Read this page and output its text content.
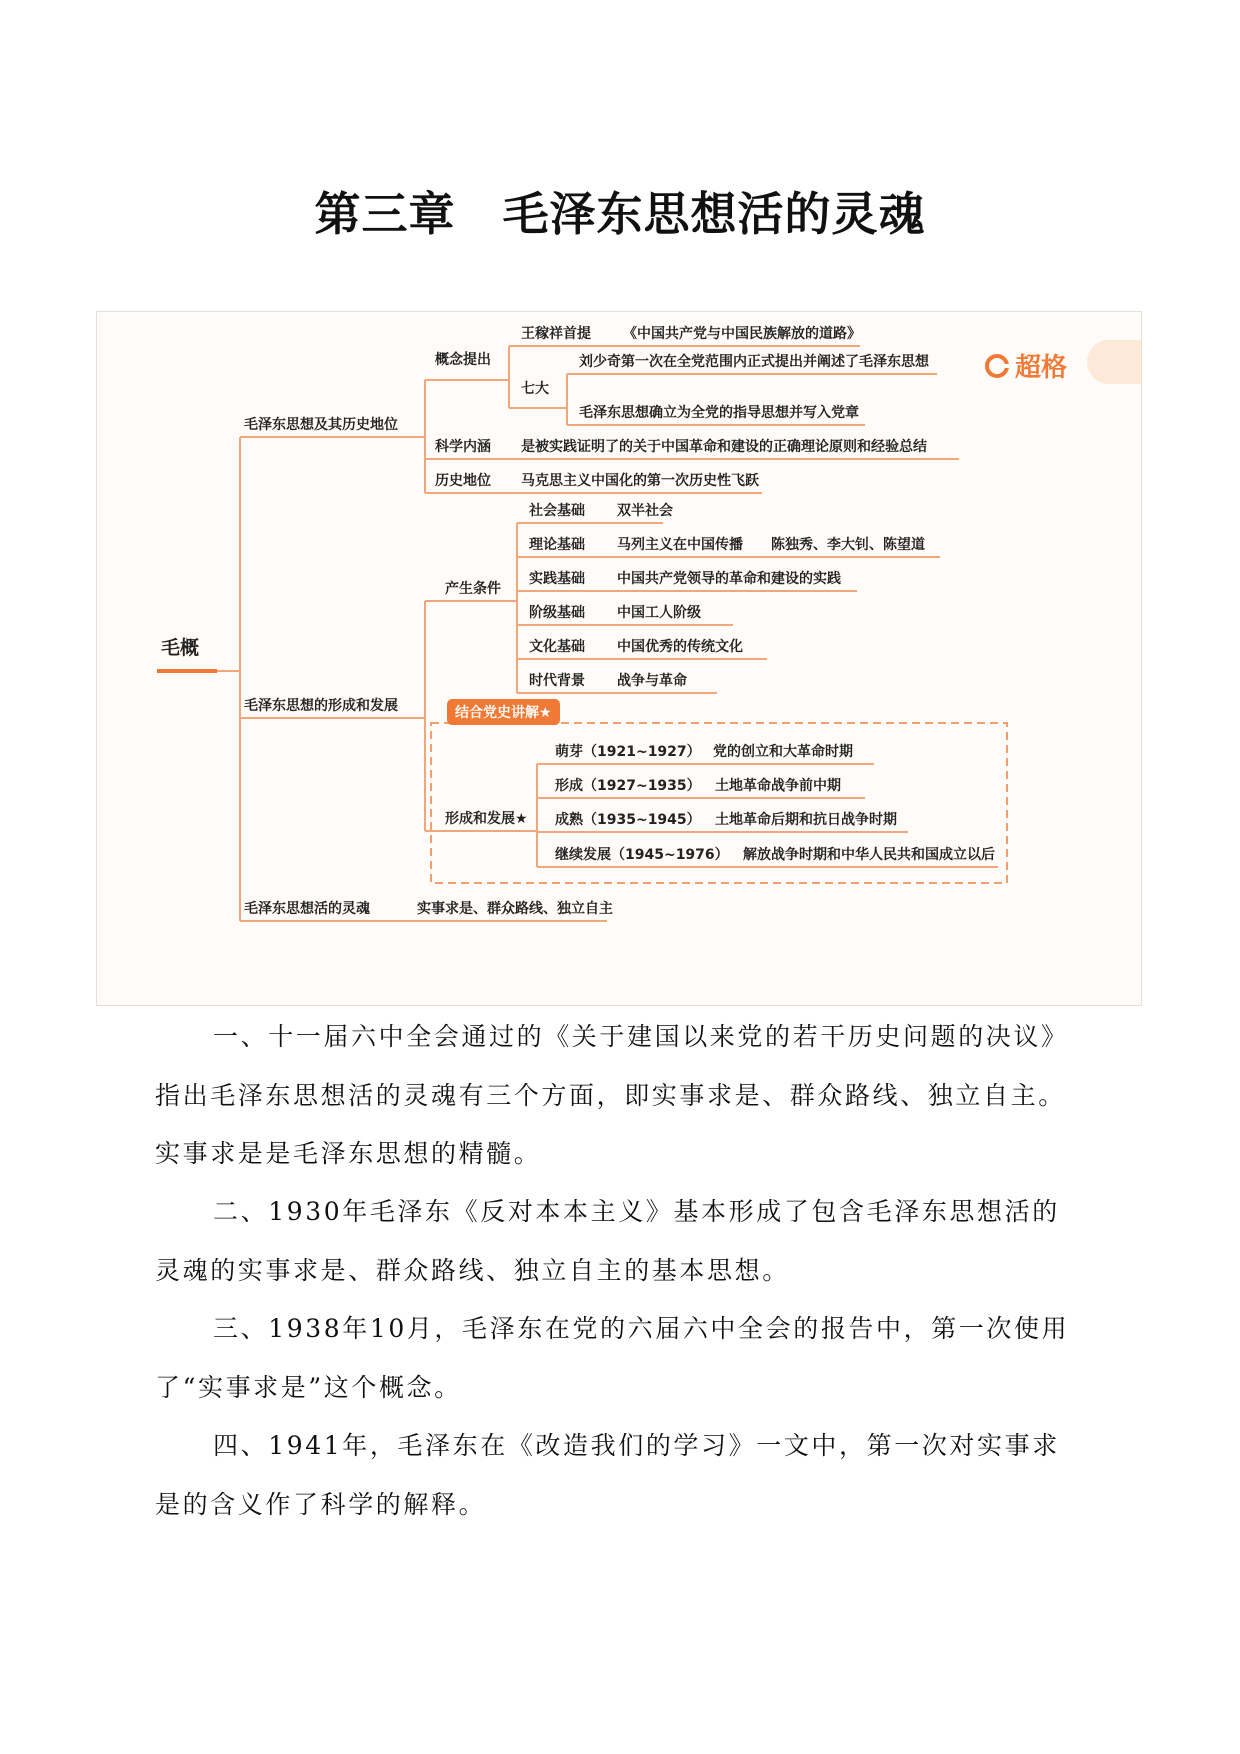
第三章　毛泽东思想活的灵魂
超格
毛概
毛泽东思想及其历史地位
概念提出
王稼祥首提 《中国共产党与中国民族解放的道路》
七大
刘少奇第一次在全党范围内正式提出并阐述了毛泽东思想
毛泽东思想确立为全党的指导思想并写入党章
科学内涵 是被实践证明了的关于中国革命和建设的正确理论原则和经验总结
历史地位 马克思主义中国化的第一次历史性飞跃
毛泽东思想的形成和发展
产生条件
社会基础 双半社会
理论基础 马列主义在中国传播 陈独秀、李大钊、陈望道
实践基础 中国共产党领导的革命和建设的实践
阶级基础 中国工人阶级
文化基础 中国优秀的传统文化
时代背景 战争与革命
结合党史讲解★
形成和发展★
萌芽（1921~1927） 党的创立和大革命时期
形成（1927~1935） 土地革命战争前中期
成熟（1935~1945） 土地革命后期和抗日战争时期
继续发展（1945~1976） 解放战争时期和中华人民共和国成立以后
毛泽东思想活的灵魂	实事求是、群众路线、独立自主

一、十一届六中全会通过的《关于建国以来党的若干历史问题的决议》指出毛泽东思想活的灵魂有三个方面，即实事求是、群众路线、独立自主。实事求是是毛泽东思想的精髓。

二、1930年毛泽东《反对本本主义》基本形成了包含毛泽东思想活的灵魂的实事求是、群众路线、独立自主的基本思想。

三、1938年10月，毛泽东在党的六届六中全会的报告中，第一次使用了“实事求是”这个概念。

四、1941年，毛泽东在《改造我们的学习》一文中，第一次对实事求是的含义作了科学的解释。
